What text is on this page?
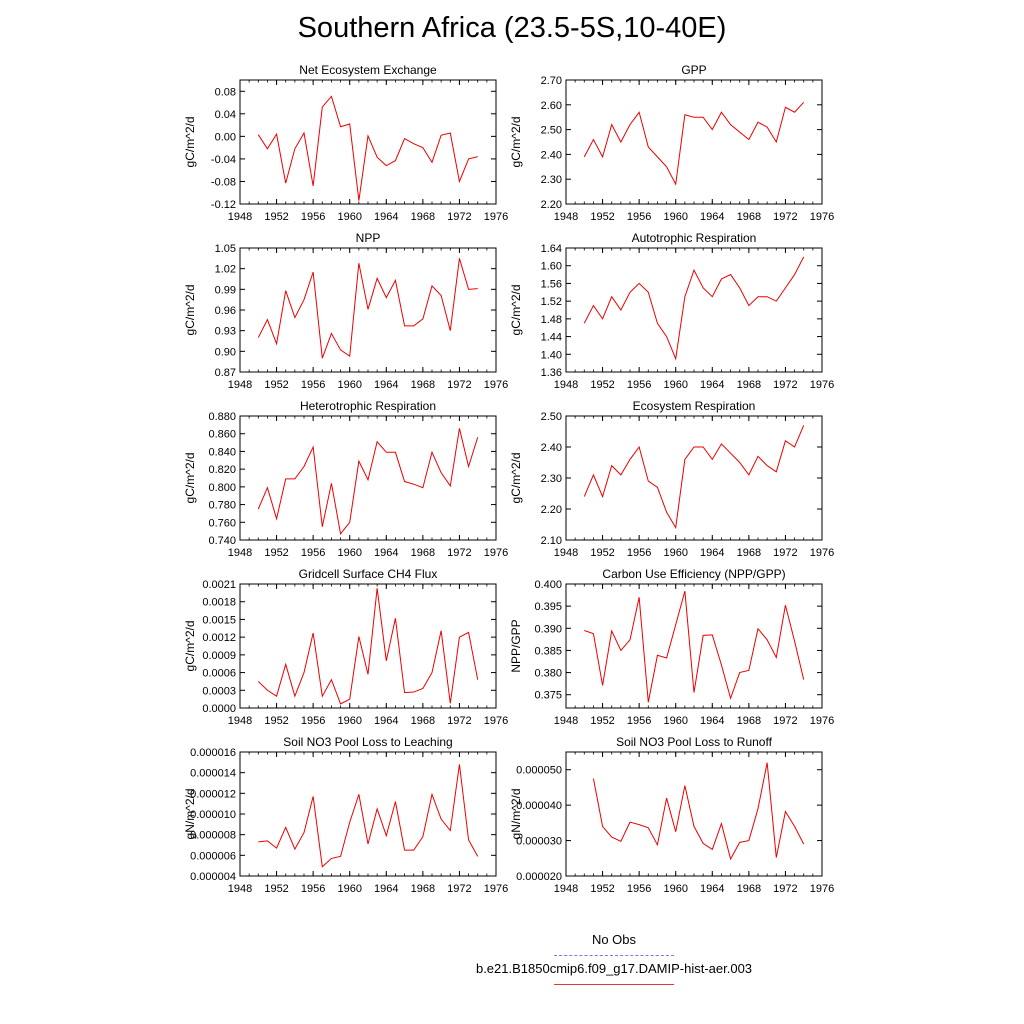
Southern Africa (23.5-5S,10-40E)
Net Ecosystem Exchange
gC/m^2/d
1948 1952 1956 1960 1964 1968 1972 1976
-0.12
-0.08
-0.04
0.00
0.04
0.08
GPP
gC/m^2/d
1948 1952 1956 1960 1964 1968 1972 1976
2.20
2.30
2.40
2.50
2.60
2.70
NPP
gC/m^2/d
1948 1952 1956 1960 1964 1968 1972 1976
0.87
0.90
0.93
0.96
0.99
1.02
1.05
Autotrophic Respiration
gC/m^2/d
1948 1952 1956 1960 1964 1968 1972 1976
1.36
1.40
1.44
1.48
1.52
1.56
1.60
1.64
Heterotrophic Respiration
gC/m^2/d
1948 1952 1956 1960 1964 1968 1972 1976
0.740
0.760
0.780
0.800
0.820
0.840
0.860
0.880
Ecosystem Respiration
gC/m^2/d
1948 1952 1956 1960 1964 1968 1972 1976
2.10
2.20
2.30
2.40
2.50
Gridcell Surface CH4 Flux
gC/m^2/d
1948 1952 1956 1960 1964 1968 1972 1976
0.0000
0.0003
0.0006
0.0009
0.0012
0.0015
0.0018
0.0021
Carbon Use Efficiency (NPP/GPP)
NPP/GPP
1948 1952 1956 1960 1964 1968 1972 1976
0.375
0.380
0.385
0.390
0.395
0.400
Soil NO3 Pool Loss to Leaching
gN/m^2/d
1948 1952 1956 1960 1964 1968 1972 1976
0.000004
0.000006
0.000008
0.000010
0.000012
0.000014
0.000016
Soil NO3 Pool Loss to Runoff
gN/m^2/d
1948 1952 1956 1960 1964 1968 1972 1976
0.000020
0.000030
0.000040
0.000050
No Obs
b.e21.B1850cmip6.f09_g17.DAMIP-hist-aer.003
